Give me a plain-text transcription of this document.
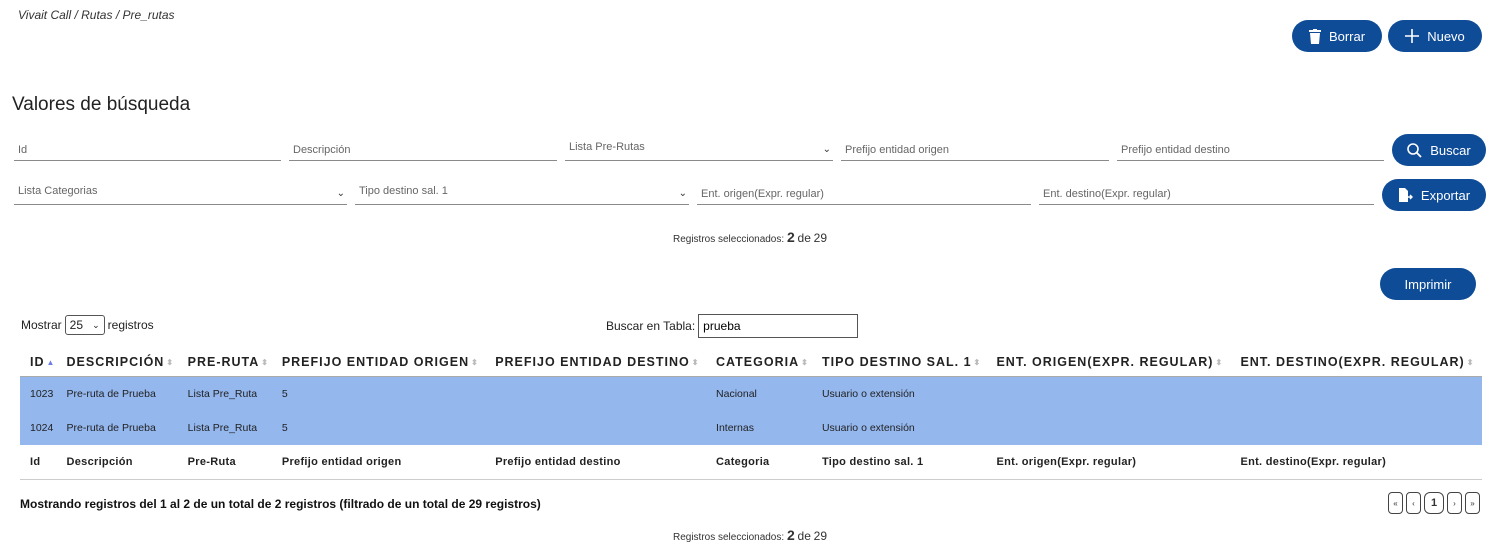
Vivait Call / Rutas / Pre_rutas
Borrar	Nuevo
Valores de búsqueda
Id	Descripción	Lista Pre-Rutas	⌄ Prefijo entidad origen	Prefijo entidad destino	Buscar
Lista Categorias	⌄ Tipo destino sal. 1	⌄ Ent. origen(Expr. regular)	Ent. destino(Expr. regular)	Exportar
Registros seleccionados: 2 de 29
Imprimir
Mostrar 25 ⌄ registros	Buscar en Tabla: prueba
ID ▲	DESCRIPCIÓN ⬍	PRE-RUTA ⬍	PREFIJO ENTIDAD ORIGEN ⬍	PREFIJO ENTIDAD DESTINO ⬍	CATEGORIA ⬍	TIPO DESTINO SAL. 1 ⬍	ENT. ORIGEN(EXPR. REGULAR) ⬍	ENT. DESTINO(EXPR. REGULAR) ⬍
1023	Pre-ruta de Prueba	Lista Pre_Ruta	5		Nacional	Usuario o extensión		
1024	Pre-ruta de Prueba	Lista Pre_Ruta	5		Internas	Usuario o extensión		
Id	Descripción	Pre-Ruta	Prefijo entidad origen	Prefijo entidad destino	Categoria	Tipo destino sal. 1	Ent. origen(Expr. regular)	Ent. destino(Expr. regular)
Mostrando registros del 1 al 2 de un total de 2 registros (filtrado de un total de 29 registros)	«	‹	1	›	»
Registros seleccionados: 2 de 29
